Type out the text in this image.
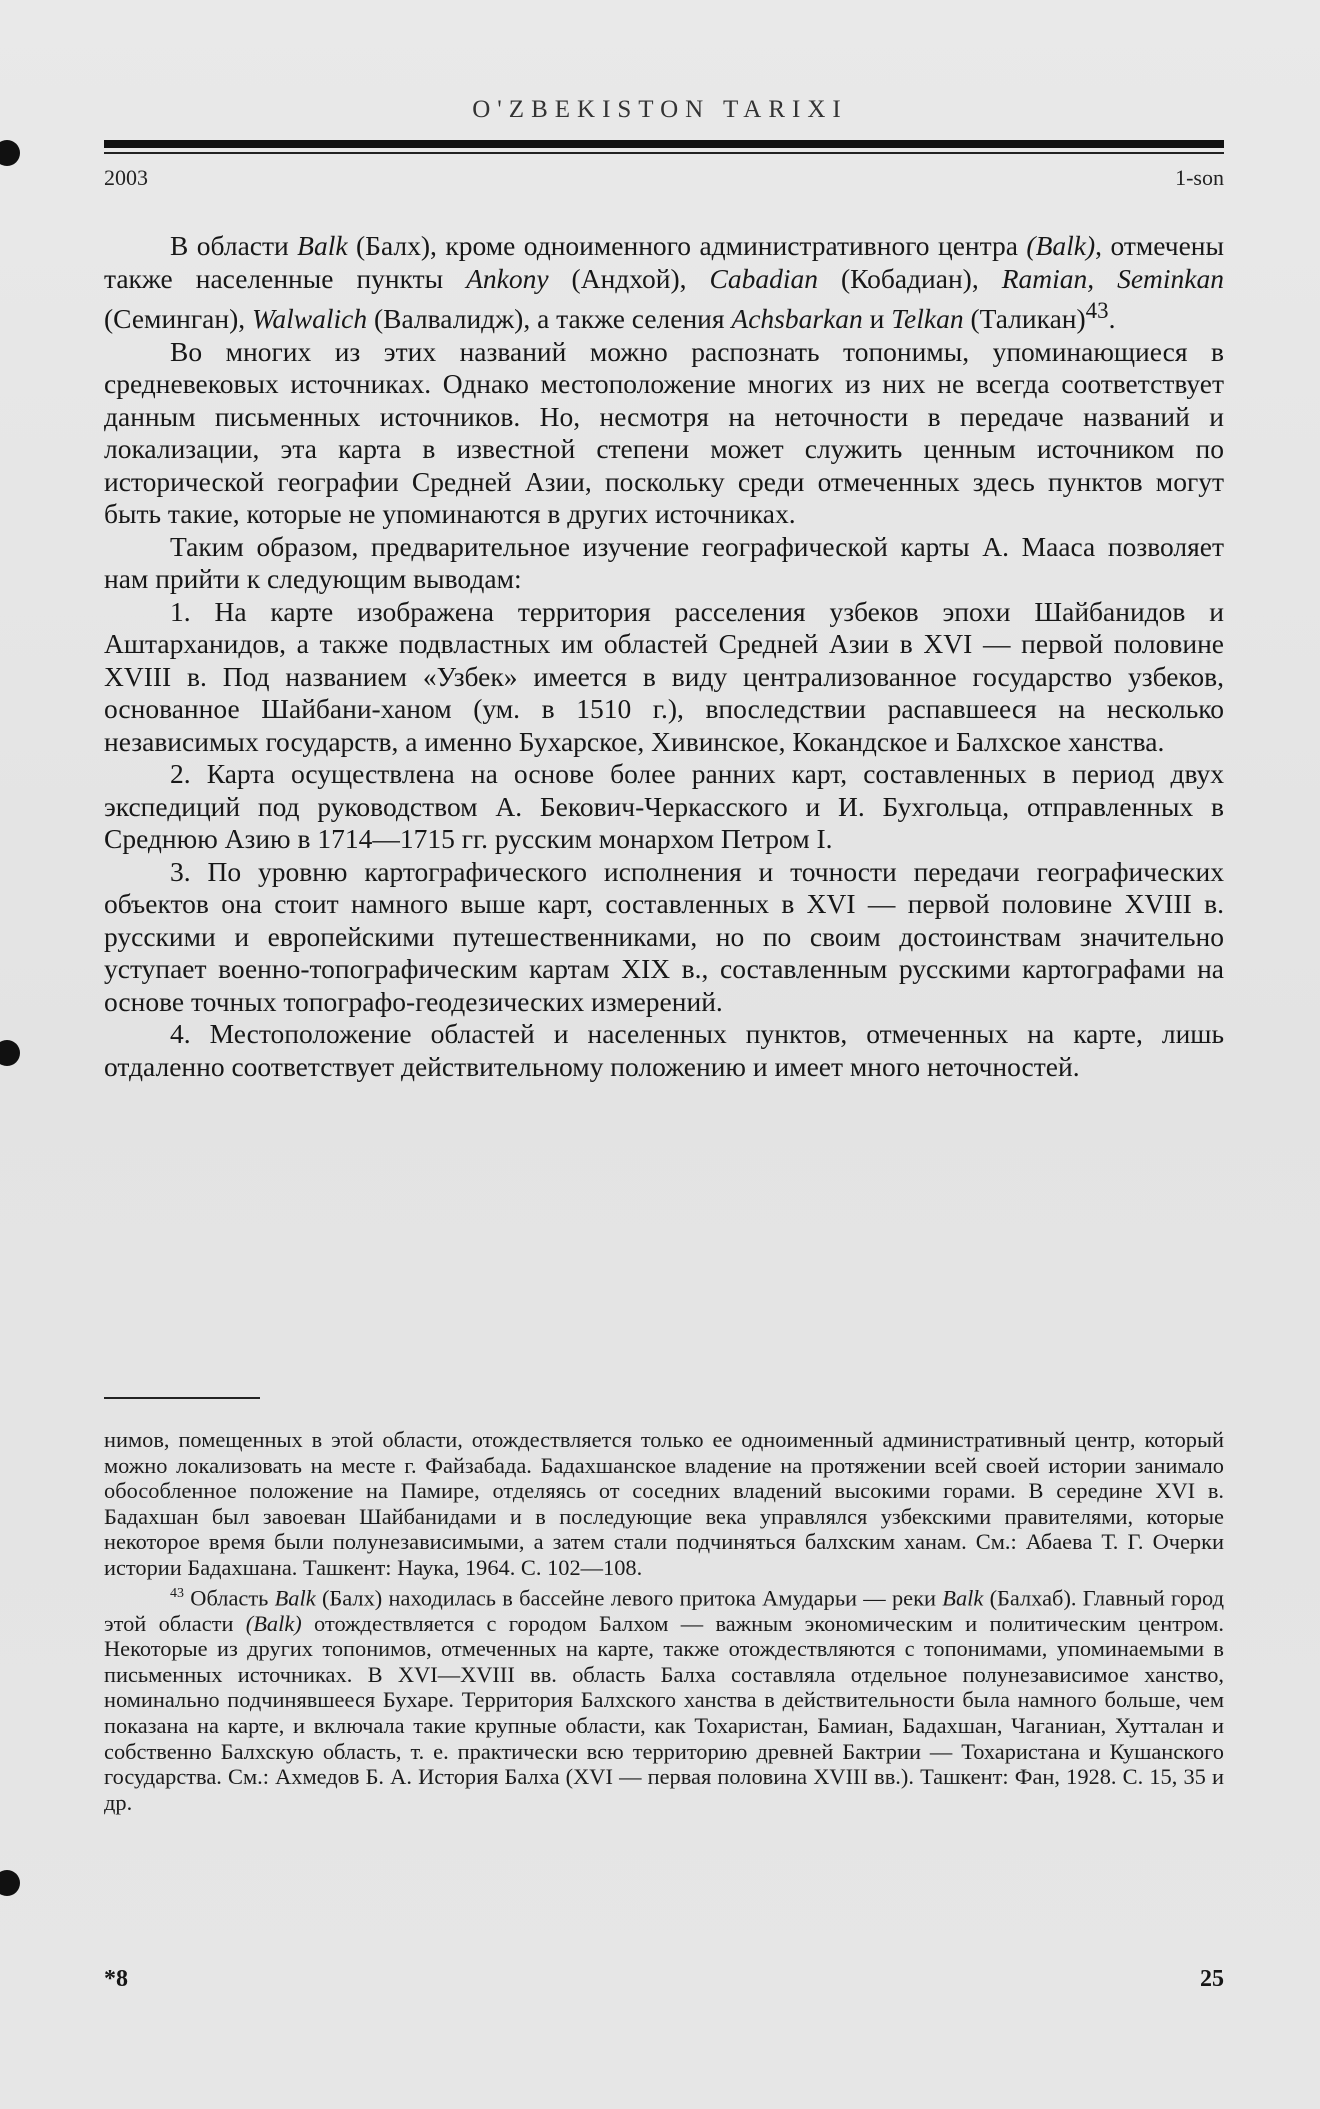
O'ZBEKISTON TARIXI
2003	1-son

В области Balk (Балх), кроме одноименного административного центра (Balk), отмечены также населенные пункты Ankony (Андхой), Cabadian (Кобадиан), Ramian, Seminkan (Семинган), Walwalich (Валвалидж), а также селения Achsbarkan и Telkan (Таликан)$^{43}$.

Во многих из этих названий можно распознать топонимы, упоминающиеся в средневековых источниках. Однако местоположение многих из них не всегда соответствует данным письменных источников. Но, несмотря на неточности в передаче названий и локализации, эта карта в известной степени может служить ценным источником по исторической географии Средней Азии, поскольку среди отмеченных здесь пунктов могут быть такие, которые не упоминаются в других источниках.

Таким образом, предварительное изучение географической карты А. Мааса позволяет нам прийти к следующим выводам:

1. На карте изображена территория расселения узбеков эпохи Шайбанидов и Аштарханидов, а также подвластных им областей Средней Азии в XVI — первой половине XVIII в. Под названием «Узбек» имеется в виду централизованное государство узбеков, основанное Шайбани-ханом (ум. в 1510 г.), впоследствии распавшееся на несколько независимых государств, а именно Бухарское, Хивинское, Кокандское и Балхское ханства.

2. Карта осуществлена на основе более ранних карт, составленных в период двух экспедиций под руководством А. Бекович-Черкасского и И. Бухгольца, отправленных в Среднюю Азию в 1714—1715 гг. русским монархом Петром I.

3. По уровню картографического исполнения и точности передачи географических объектов она стоит намного выше карт, составленных в XVI — первой половине XVIII в. русскими и европейскими путешественниками, но по своим достоинствам значительно уступает военно-топографическим картам XIX в., составленным русскими картографами на основе точных топографо-геодезических измерений.

4. Местоположение областей и населенных пунктов, отмеченных на карте, лишь отдаленно соответствует действительному положению и имеет много неточностей.

нимов, помещенных в этой области, отождествляется только ее одноименный административный центр, который можно локализовать на месте г. Файзабада. Бадахшанское владение на протяжении всей своей истории занимало обособленное положение на Памире, отделяясь от соседних владений высокими горами. В середине XVI в. Бадахшан был завоеван Шайбанидами и в последующие века управлялся узбекскими правителями, которые некоторое время были полунезависимыми, а затем стали подчиняться балхским ханам. См.: Абаева Т. Г. Очерки истории Бадахшана. Ташкент: Наука, 1964. С. 102—108.

$^{43}$ Область Balk (Балх) находилась в бассейне левого притока Амударьи — реки Balk (Балхаб). Главный город этой области (Balk) отождествляется с городом Балхом — важным экономическим и политическим центром. Некоторые из других топонимов, отмеченных на карте, также отождествляются с топонимами, упоминаемыми в письменных источниках. В XVI—XVIII вв. область Балха составляла отдельное полунезависимое ханство, номинально подчинявшееся Бухаре. Территория Балхского ханства в действительности была намного больше, чем показана на карте, и включала такие крупные области, как Тохаристан, Бамиан, Бадахшан, Чаганиан, Хутталан и собственно Балхскую область, т. е. практически всю территорию древней Бактрии — Тохаристана и Кушанского государства. См.: Ахмедов Б. А. История Балха (XVI — первая половина XVIII вв.). Ташкент: Фан, 1928. С. 15, 35 и др.

*8	25
